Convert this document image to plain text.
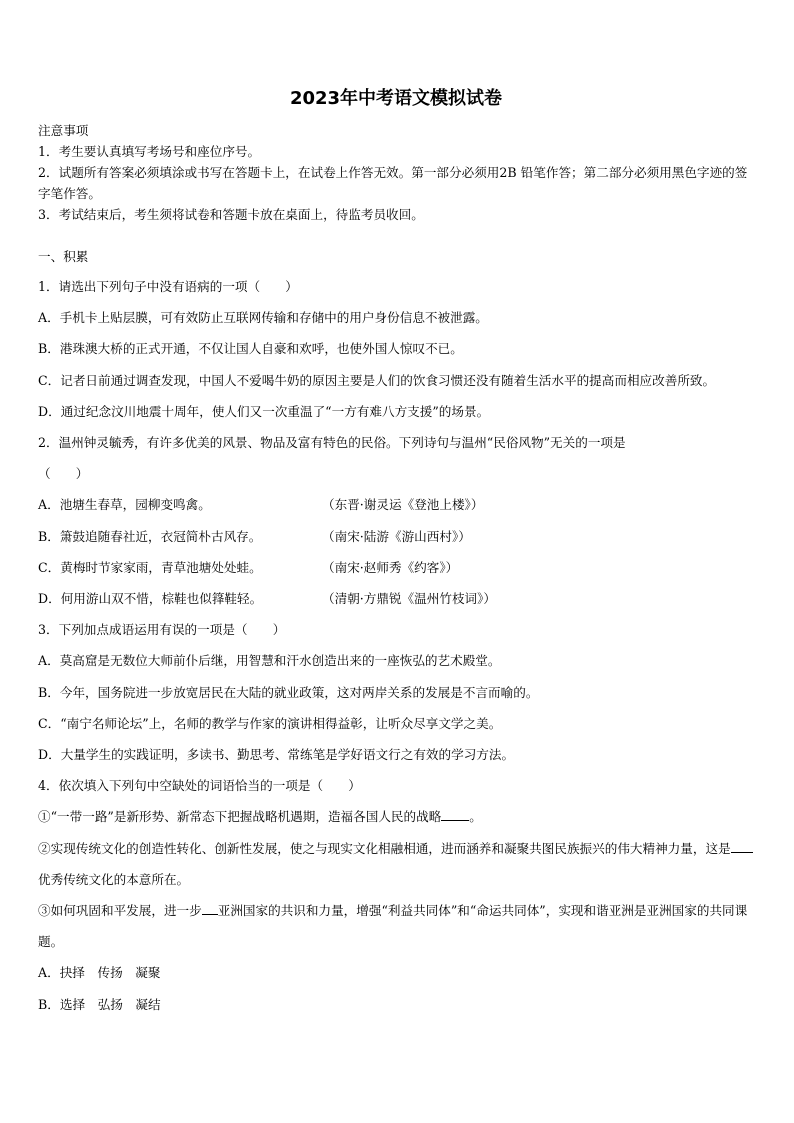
2023年中考语文模拟试卷
注意事项
1．考生要认真填写考场号和座位序号。
2．试题所有答案必须填涂或书写在答题卡上，在试卷上作答无效。第一部分必须用2B 铅笔作答；第二部分必须用黑色字迹的签字笔作答。
3．考试结束后，考生须将试卷和答题卡放在桌面上，待监考员收回。
一、积累
1．请选出下列句子中没有语病的一项（　　）
A．手机卡上贴层膜，可有效防止互联网传输和存储中的用户身份信息不被泄露。
B．港珠澳大桥的正式开通，不仅让国人自豪和欢呼，也使外国人惊叹不已。
C．记者日前通过调查发现，中国人不爱喝牛奶的原因主要是人们的饮食习惯还没有随着生活水平的提高而相应改善所致。
D．通过纪念汶川地震十周年，使人们又一次重温了“一方有难八方支援”的场景。
2．温州钟灵毓秀，有许多优美的风景、物品及富有特色的民俗。下列诗句与温州“民俗风物”无关的一项是
（　　）
A．池塘生春草，园柳变鸣禽。	（东晋·谢灵运《登池上楼》）
B．箫鼓追随春社近，衣冠简朴古风存。	（南宋·陆游《游山西村》）
C．黄梅时节家家雨，青草池塘处处蛙。	（南宋·赵师秀《约客》）
D．何用游山双不惜，棕鞋也似箨鞋轻。	（清朝·方鼎锐《温州竹枝词》）
3．下列加点成语运用有误的一项是（　　）
A．莫高窟是无数位大师前仆后继，用智慧和汗水创造出来的一座恢弘的艺术殿堂。
B．今年，国务院进一步放宽居民在大陆的就业政策，这对两岸关系的发展是不言而喻的。
C．“南宁名师论坛”上，名师的教学与作家的演讲相得益彰，让听众尽享文学之美。
D．大量学生的实践证明，多读书、勤思考、常练笔是学好语文行之有效的学习方法。
4．依次填入下列句中空缺处的词语恰当的一项是（　　）
①“一带一路”是新形势、新常态下把握战略机遇期，造福各国人民的战略 。
②实现传统文化的创造性转化、创新性发展，使之与现实文化相融相通，进而涵养和凝聚共图民族振兴的伟大精神力量，这是 优秀传统文化的本意所在。
③如何巩固和平发展，进一步 亚洲国家的共识和力量，增强“利益共同体”和“命运共同体”，实现和谐亚洲是亚洲国家的共同课题。
A．抉择　传扬　凝聚
B．选择　弘扬　凝结
